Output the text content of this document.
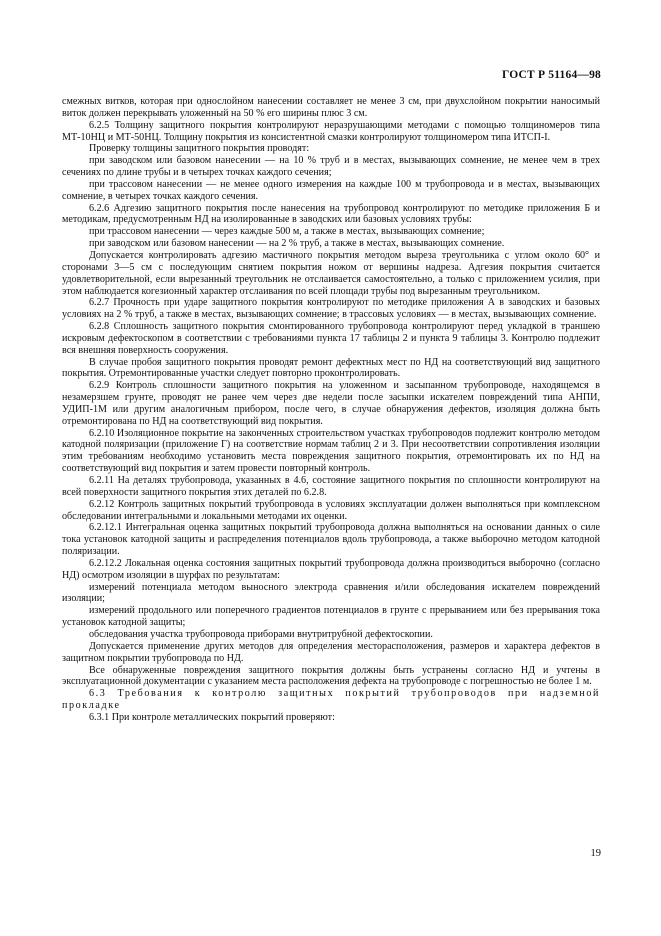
ГОСТ Р 51164—98

смежных витков, которая при однослойном нанесении составляет не менее 3 см, при двухслойном покрытии наносимый виток должен перекрывать уложенный на 50 % его ширины плюс 3 см.

6.2.5 Толщину защитного покрытия контролируют неразрушающими методами с помощью толщиномеров типа МТ-10НЦ и МТ-50НЦ. Толщину покрытия из консистентной смазки контролируют толщиномером типа ИТСП-I.

Проверку толщины защитного покрытия проводят:

при заводском или базовом нанесении — на 10 % труб и в местах, вызывающих сомнение, не менее чем в трех сечениях по длине трубы и в четырех точках каждого сечения;

при трассовом нанесении — не менее одного измерения на каждые 100 м трубопровода и в местах, вызывающих сомнение, в четырех точках каждого сечения.

6.2.6 Адгезию защитного покрытия после нанесения на трубопровод контролируют по методике приложения Б и методикам, предусмотренным НД на изолированные в заводских или базовых условиях трубы:

при трассовом нанесении — через каждые 500 м, а также в местах, вызывающих сомнение;

при заводском или базовом нанесении — на 2 % труб, а также в местах, вызывающих сомнение.

Допускается контролировать адгезию мастичного покрытия методом выреза треугольника с углом около 60° и сторонами 3—5 см с последующим снятием покрытия ножом от вершины надреза. Адгезия покрытия считается удовлетворительной, если вырезанный треугольник не отслаивается самостоятельно, а только с приложением усилия, при этом наблюдается когезионный характер отслаивания по всей площади трубы под вырезанным треугольником.

6.2.7 Прочность при ударе защитного покрытия контролируют по методике приложения А в заводских и базовых условиях на 2 % труб, а также в местах, вызывающих сомнение; в трассовых условиях — в местах, вызывающих сомнение.

6.2.8 Сплошность защитного покрытия смонтированного трубопровода контролируют перед укладкой в траншею искровым дефектоскопом в соответствии с требованиями пункта 17 таблицы 2 и пункта 9 таблицы 3. Контролю подлежит вся внешняя поверхность сооружения.

В случае пробоя защитного покрытия проводят ремонт дефектных мест по НД на соответствующий вид защитного покрытия. Отремонтированные участки следует повторно проконтролировать.

6.2.9 Контроль сплошности защитного покрытия на уложенном и засыпанном трубопроводе, находящемся в незамерзшем грунте, проводят не ранее чем через две недели после засыпки искателем повреждений типа АНПИ, УДИП-1М или другим аналогичным прибором, после чего, в случае обнаружения дефектов, изоляция должна быть отремонтирована по НД на соответствующий вид покрытия.

6.2.10 Изоляционное покрытие на законченных строительством участках трубопроводов подлежит контролю методом катодной поляризации (приложение Г) на соответствие нормам таблиц 2 и 3. При несоответствии сопротивления изоляции этим требованиям необходимо установить места повреждения защитного покрытия, отремонтировать их по НД на соответствующий вид покрытия и затем провести повторный контроль.

6.2.11 На деталях трубопровода, указанных в 4.6, состояние защитного покрытия по сплошности контролируют на всей поверхности защитного покрытия этих деталей по 6.2.8.

6.2.12 Контроль защитных покрытий трубопровода в условиях эксплуатации должен выполняться при комплексном обследовании интегральными и локальными методами их оценки.

6.2.12.1 Интегральная оценка защитных покрытий трубопровода должна выполняться на основании данных о силе тока установок катодной защиты и распределения потенциалов вдоль трубопровода, а также выборочно методом катодной поляризации.

6.2.12.2 Локальная оценка состояния защитных покрытий трубопровода должна производиться выборочно (согласно НД) осмотром изоляции в шурфах по результатам:

измерений потенциала методом выносного электрода сравнения и/или обследования искателем повреждений изоляции;

измерений продольного или поперечного градиентов потенциалов в грунте с прерыванием или без прерывания тока установок катодной защиты;

обследования участка трубопровода приборами внутритрубной дефектоскопии.

Допускается применение других методов для определения месторасположения, размеров и характера дефектов в защитном покрытии трубопровода по НД.

Все обнаруженные повреждения защитного покрытия должны быть устранены согласно НД и учтены в эксплуатационной документации с указанием места расположения дефекта на трубопроводе с погрешностью не более 1 м.

6.3 Требования к контролю защитных покрытий трубопроводов при надземной прокладке

6.3.1 При контроле металлических покрытий проверяют:

19
